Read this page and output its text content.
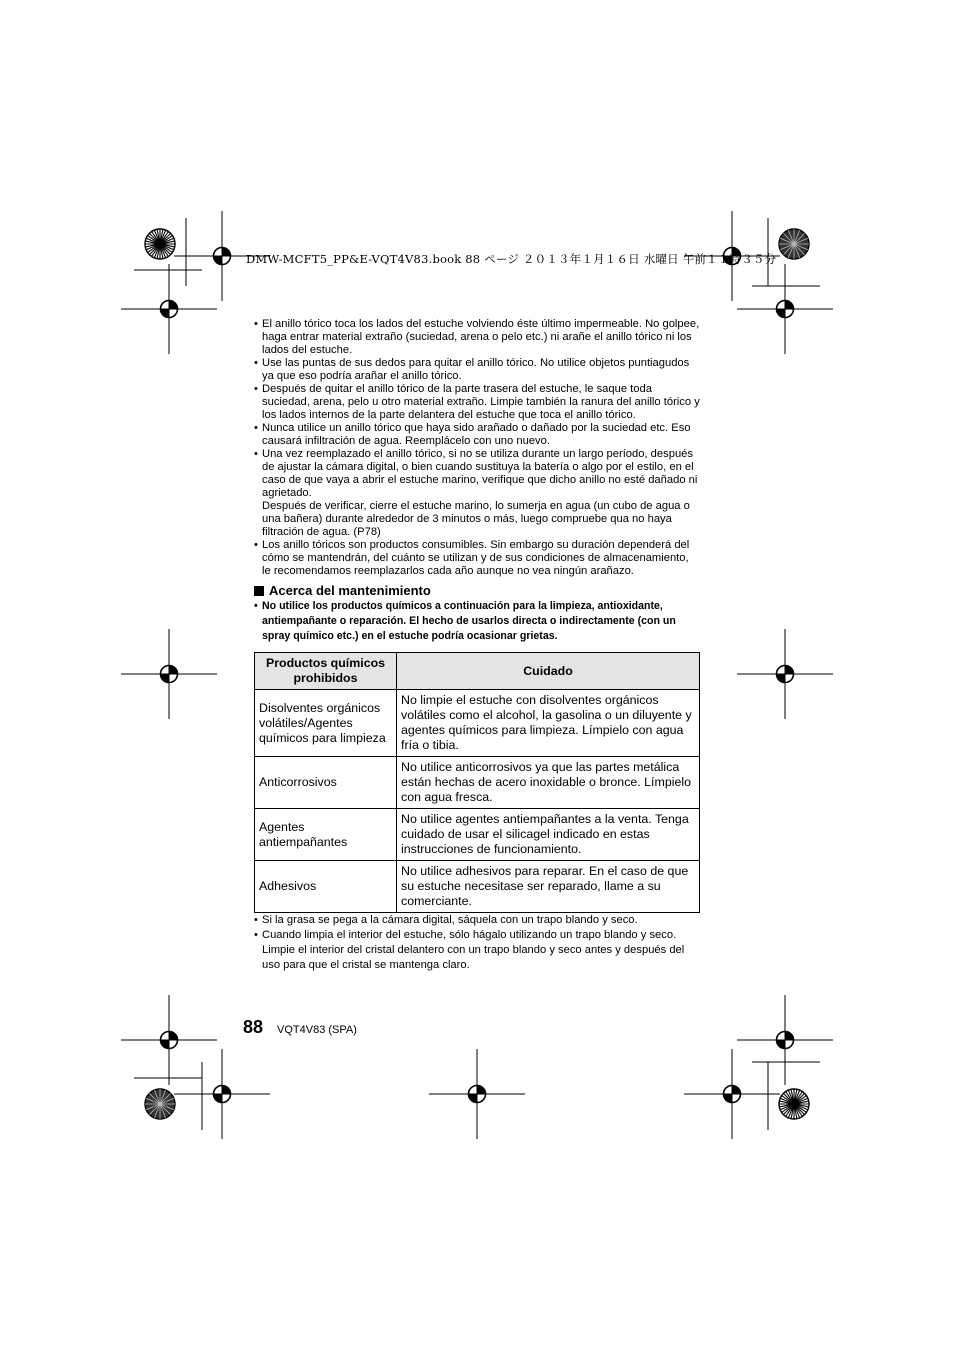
DMW-MCFT5_PP&E-VQT4V83.book 88 ページ ２０１３年１月１６日 水曜日 午前１１時３５分
• El anillo tórico toca los lados del estuche volviendo éste último impermeable. No golpee, haga entrar material extraño (suciedad, arena o pelo etc.) ni arañe el anillo tórico ni los lados del estuche.
• Use las puntas de sus dedos para quitar el anillo tórico. No utilice objetos puntiagudos ya que eso podría arañar el anillo tórico.
• Después de quitar el anillo tórico de la parte trasera del estuche, le saque toda suciedad, arena, pelo u otro material extraño. Limpie también la ranura del anillo tórico y los lados internos de la parte delantera del estuche que toca el anillo tórico.
• Nunca utilice un anillo tórico que haya sido arañado o dañado por la suciedad etc. Eso causará infiltración de agua. Reemplácelo con uno nuevo.
• Una vez reemplazado el anillo tórico, si no se utiliza durante un largo período, después de ajustar la cámara digital, o bien cuando sustituya la batería o algo por el estilo, en el caso de que vaya a abrir el estuche marino, verifique que dicho anillo no esté dañado ni agrietado.
Después de verificar, cierre el estuche marino, lo sumerja en agua (un cubo de agua o una bañera) durante alrededor de 3 minutos o más, luego compruebe qua no haya filtración de agua. (P78)
• Los anillo tóricos son productos consumibles. Sin embargo su duración dependerá del cómo se mantendrán, del cuánto se utilizan y de sus condiciones de almacenamiento, le recomendamos reemplazarlos cada año aunque no vea ningún arañazo.
Acerca del mantenimiento
• No utilice los productos químicos a continuación para la limpieza, antioxidante, antiempañante o reparación. El hecho de usarlos directa o indirectamente (con un spray químico etc.) en el estuche podría ocasionar grietas.
Productos químicos prohibidos	Cuidado
Disolventes orgánicos volátiles/Agentes químicos para limpieza	No limpie el estuche con disolventes orgánicos volátiles como el alcohol, la gasolina o un diluyente y agentes químicos para limpieza. Límpielo con agua fría o tibia.
Anticorrosivos	No utilice anticorrosivos ya que las partes metálica están hechas de acero inoxidable o bronce. Límpielo con agua fresca.
Agentes antiempañantes	No utilice agentes antiempañantes a la venta. Tenga cuidado de usar el silicagel indicado en estas instrucciones de funcionamiento.
Adhesivos	No utilice adhesivos para reparar. En el caso de que su estuche necesitase ser reparado, llame a su comerciante.
• Si la grasa se pega a la cámara digital, sáquela con un trapo blando y seco.
• Cuando limpia el interior del estuche, sólo hágalo utilizando un trapo blando y seco. Limpie el interior del cristal delantero con un trapo blando y seco antes y después del uso para que el cristal se mantenga claro.
88 VQT4V83 (SPA)
